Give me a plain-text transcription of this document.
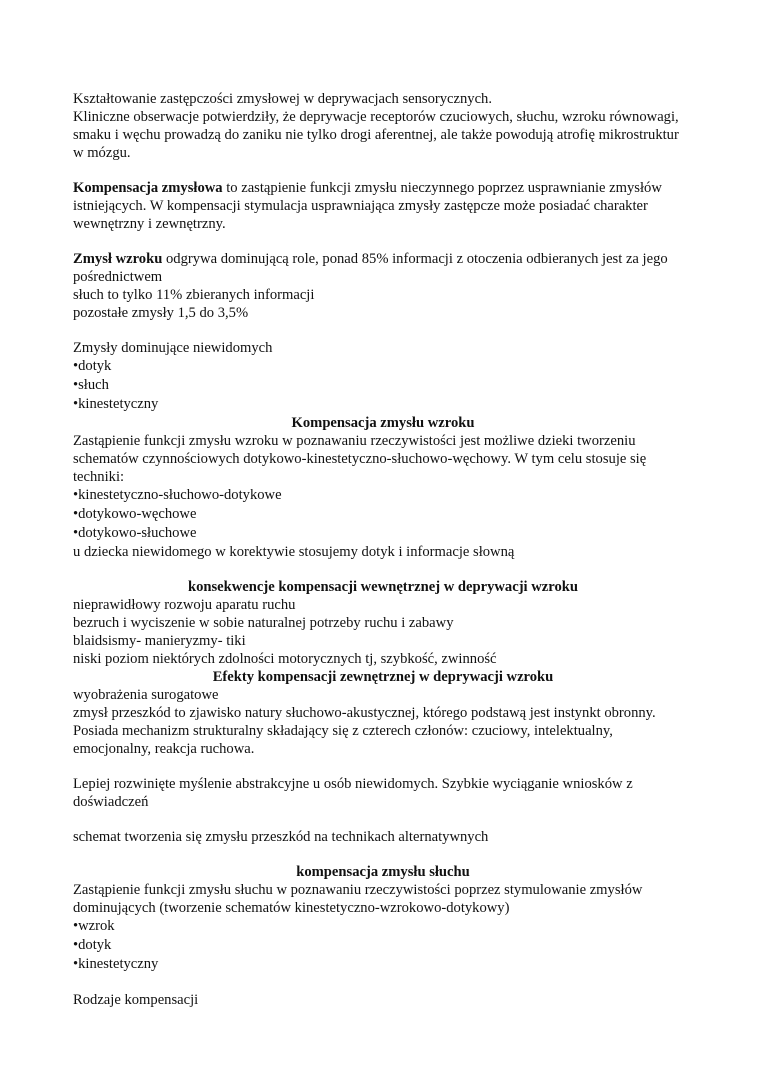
Kształtowanie zastępczości zmysłowej w deprywacjach sensorycznych.

Kliniczne obserwacje potwierdziły, że deprywacje receptorów czuciowych, słuchu, wzroku równowagi, smaku i węchu prowadzą do zaniku nie tylko drogi aferentnej, ale także powodują atrofię mikrostruktur w mózgu.

Kompensacja zmysłowa to zastąpienie funkcji zmysłu nieczynnego poprzez usprawnianie zmysłów istniejących. W kompensacji stymulacja usprawniająca zmysły zastępcze może posiadać charakter wewnętrzny i zewnętrzny.

Zmysł wzroku odgrywa dominującą role, ponad 85% informacji z otoczenia odbieranych jest za jego pośrednictwem

słuch to tylko 11% zbieranych informacji

pozostałe zmysły 1,5 do 3,5%

Zmysły dominujące niewidomych

•dotyk

•słuch

•kinestetyczny

Kompensacja zmysłu wzroku

Zastąpienie funkcji zmysłu wzroku w poznawaniu rzeczywistości jest możliwe dzieki tworzeniu schematów czynnościowych dotykowo-kinestetyczno-słuchowo-węchowy. W tym celu stosuje się techniki:

•kinestetyczno-słuchowo-dotykowe

•dotykowo-węchowe

•dotykowo-słuchowe

u dziecka niewidomego w korektywie stosujemy dotyk i informacje słowną

konsekwencje kompensacji wewnętrznej w deprywacji wzroku

nieprawidłowy rozwoju aparatu ruchu

bezruch i wyciszenie w sobie naturalnej potrzeby ruchu i zabawy

blaidsismy- manieryzmy- tiki

niski poziom niektórych zdolności motorycznych tj, szybkość, zwinność

Efekty kompensacji zewnętrznej w deprywacji wzroku

wyobrażenia surogatowe

zmysł przeszkód to zjawisko natury słuchowo-akustycznej, którego podstawą jest instynkt obronny. Posiada mechanizm strukturalny składający się z czterech członów: czuciowy, intelektualny, emocjonalny, reakcja ruchowa.

Lepiej rozwinięte myślenie abstrakcyjne u osób niewidomych. Szybkie wyciąganie wniosków z doświadczeń

schemat tworzenia się zmysłu przeszkód na technikach alternatywnych

kompensacja zmysłu słuchu

Zastąpienie funkcji zmysłu słuchu w poznawaniu rzeczywistości poprzez stymulowanie zmysłów dominujących (tworzenie schematów kinestetyczno-wzrokowo-dotykowy)

•wzrok

•dotyk

•kinestetyczny

Rodzaje kompensacji
